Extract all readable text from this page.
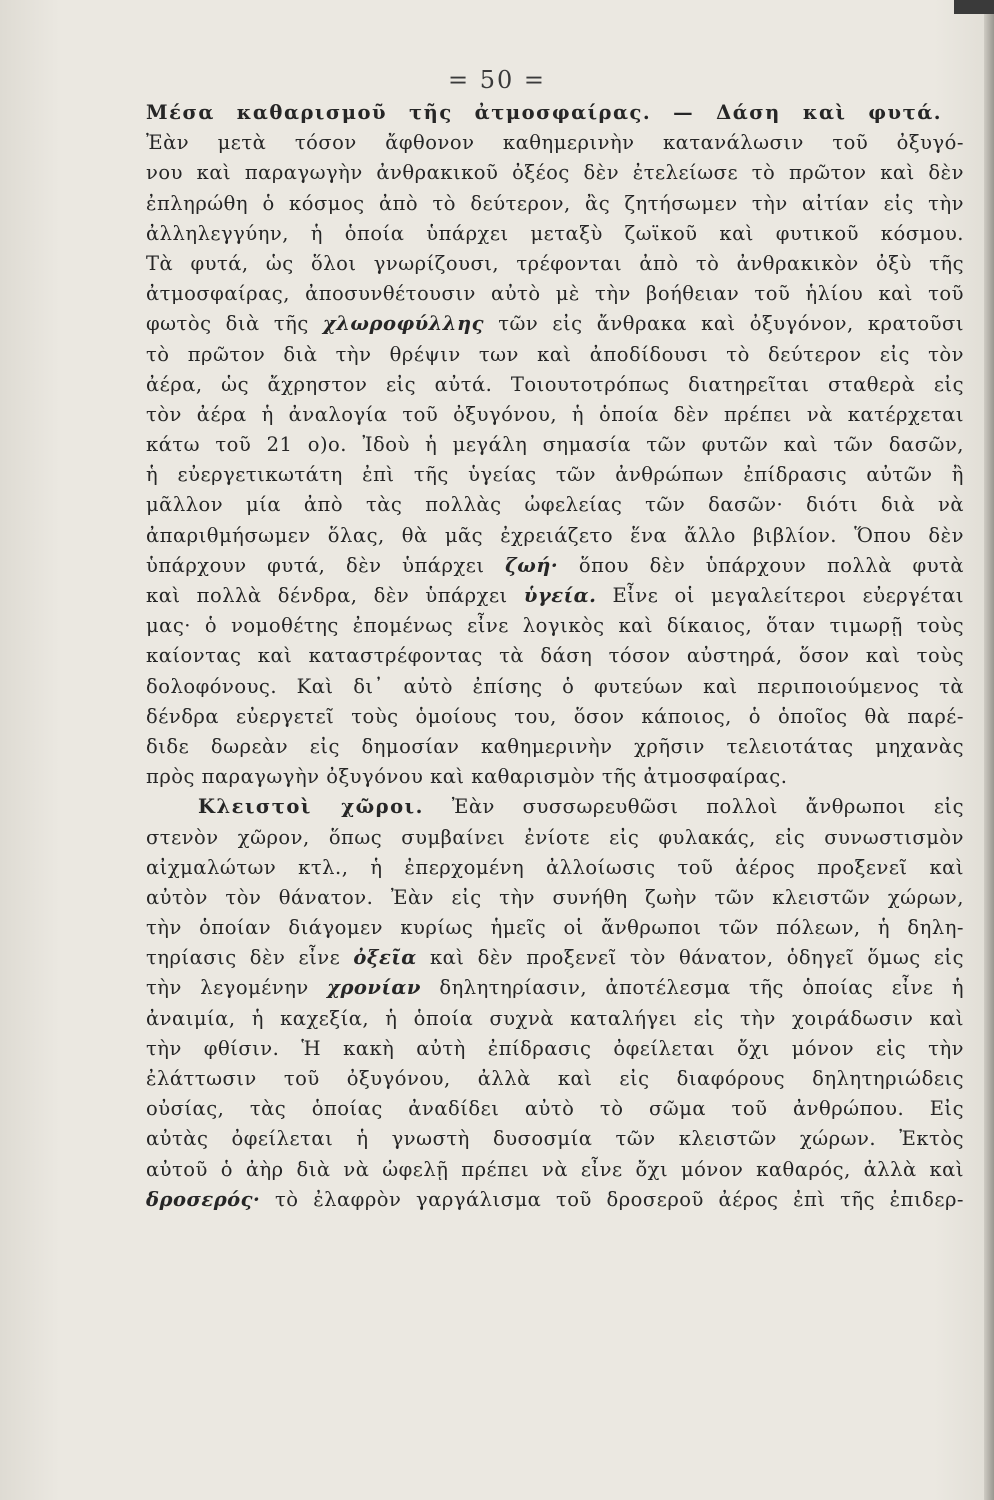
= 50 =
Μέσα καθαρισμοῦ τῆς ἀτμοσφαίρας. — Δάση καὶ φυτά.
Ἐὰν μετὰ τόσον ἄφθονον καθημερινὴν κατανάλωσιν τοῦ ὀξυγό-
νου καὶ παραγωγὴν ἀνθρακικοῦ ὀξέος δὲν ἐτελείωσε τὸ πρῶτον καὶ δὲν
ἐπληρώθη ὁ κόσμος ἀπὸ τὸ δεύτερον, ἂς ζητήσωμεν τὴν αἰτίαν εἰς τὴν
ἀλληλεγγύην, ἡ ὁποία ὑπάρχει μεταξὺ ζωϊκοῦ καὶ φυτικοῦ κόσμου.
Τὰ φυτά, ὡς ὅλοι γνωρίζουσι, τρέφονται ἀπὸ τὸ ἀνθρακικὸν ὀξὺ τῆς
ἀτμοσφαίρας, ἀποσυνθέτουσιν αὐτὸ μὲ τὴν βοήθειαν τοῦ ἡλίου καὶ τοῦ
φωτὸς διὰ τῆς χλωροφύλλης τῶν εἰς ἄνθρακα καὶ ὀξυγόνον, κρατοῦσι
τὸ πρῶτον διὰ τὴν θρέψιν των καὶ ἀποδίδουσι τὸ δεύτερον εἰς τὸν
ἀέρα, ὡς ἄχρηστον εἰς αὐτά. Τοιουτοτρόπως διατηρεῖται σταθερὰ εἰς
τὸν ἀέρα ἡ ἀναλογία τοῦ ὀξυγόνου, ἡ ὁποία δὲν πρέπει νὰ κατέρχεται
κάτω τοῦ 21 ο)ο. Ἰδοὺ ἡ μεγάλη σημασία τῶν φυτῶν καὶ τῶν δασῶν,
ἡ εὐεργετικωτάτη ἐπὶ τῆς ὑγείας τῶν ἀνθρώπων ἐπίδρασις αὐτῶν ἢ
μᾶλλον μία ἀπὸ τὰς πολλὰς ὠφελείας τῶν δασῶν· διότι διὰ νὰ
ἀπαριθμήσωμεν ὅλας, θὰ μᾶς ἐχρειάζετο ἕνα ἄλλο βιβλίον. Ὅπου δὲν
ὑπάρχουν φυτά, δὲν ὑπάρχει ζωή· ὅπου δὲν ὑπάρχουν πολλὰ φυτὰ
καὶ πολλὰ δένδρα, δὲν ὑπάρχει ὑγεία. Εἶνε οἱ μεγαλείτεροι εὐεργέται
μας· ὁ νομοθέτης ἐπομένως εἶνε λογικὸς καὶ δίκαιος, ὅταν τιμωρῇ τοὺς
καίοντας καὶ καταστρέφοντας τὰ δάση τόσον αὐστηρά, ὅσον καὶ τοὺς
δολοφόνους. Καὶ δι᾽ αὐτὸ ἐπίσης ὁ φυτεύων καὶ περιποιούμενος τὰ
δένδρα εὐεργετεῖ τοὺς ὁμοίους του, ὅσον κάποιος, ὁ ὁποῖος θὰ παρέ-
διδε δωρεὰν εἰς δημοσίαν καθημερινὴν χρῆσιν τελειοτάτας μηχανὰς
πρὸς παραγωγὴν ὀξυγόνου καὶ καθαρισμὸν τῆς ἀτμοσφαίρας.
Κλειστοὶ χῶροι. Ἐὰν συσσωρευθῶσι πολλοὶ ἄνθρωποι εἰς
στενὸν χῶρον, ὅπως συμβαίνει ἐνίοτε εἰς φυλακάς, εἰς συνωστισμὸν
αἰχμαλώτων κτλ., ἡ ἐπερχομένη ἀλλοίωσις τοῦ ἀέρος προξενεῖ καὶ
αὐτὸν τὸν θάνατον. Ἐὰν εἰς τὴν συνήθη ζωὴν τῶν κλειστῶν χώρων,
τὴν ὁποίαν διάγομεν κυρίως ἡμεῖς οἱ ἄνθρωποι τῶν πόλεων, ἡ δηλη-
τηρίασις δὲν εἶνε ὀξεῖα καὶ δὲν προξενεῖ τὸν θάνατον, ὁδηγεῖ ὅμως εἰς
τὴν λεγομένην χρονίαν δηλητηρίασιν, ἀποτέλεσμα τῆς ὁποίας εἶνε ἡ
ἀναιμία, ἡ καχεξία, ἡ ὁποία συχνὰ καταλήγει εἰς τὴν χοιράδωσιν καὶ
τὴν φθίσιν. Ἡ κακὴ αὐτὴ ἐπίδρασις ὀφείλεται ὄχι μόνον εἰς τὴν
ἐλάττωσιν τοῦ ὀξυγόνου, ἀλλὰ καὶ εἰς διαφόρους δηλητηριώδεις
οὐσίας, τὰς ὁποίας ἀναδίδει αὐτὸ τὸ σῶμα τοῦ ἀνθρώπου. Εἰς
αὐτὰς ὀφείλεται ἡ γνωστὴ δυσοσμία τῶν κλειστῶν χώρων. Ἐκτὸς
αὐτοῦ ὁ ἀὴρ διὰ νὰ ὠφελῇ πρέπει νὰ εἶνε ὄχι μόνον καθαρός, ἀλλὰ καὶ
δροσερός· τὸ ἐλαφρὸν γαργάλισμα τοῦ δροσεροῦ ἀέρος ἐπὶ τῆς ἐπιδερ-
